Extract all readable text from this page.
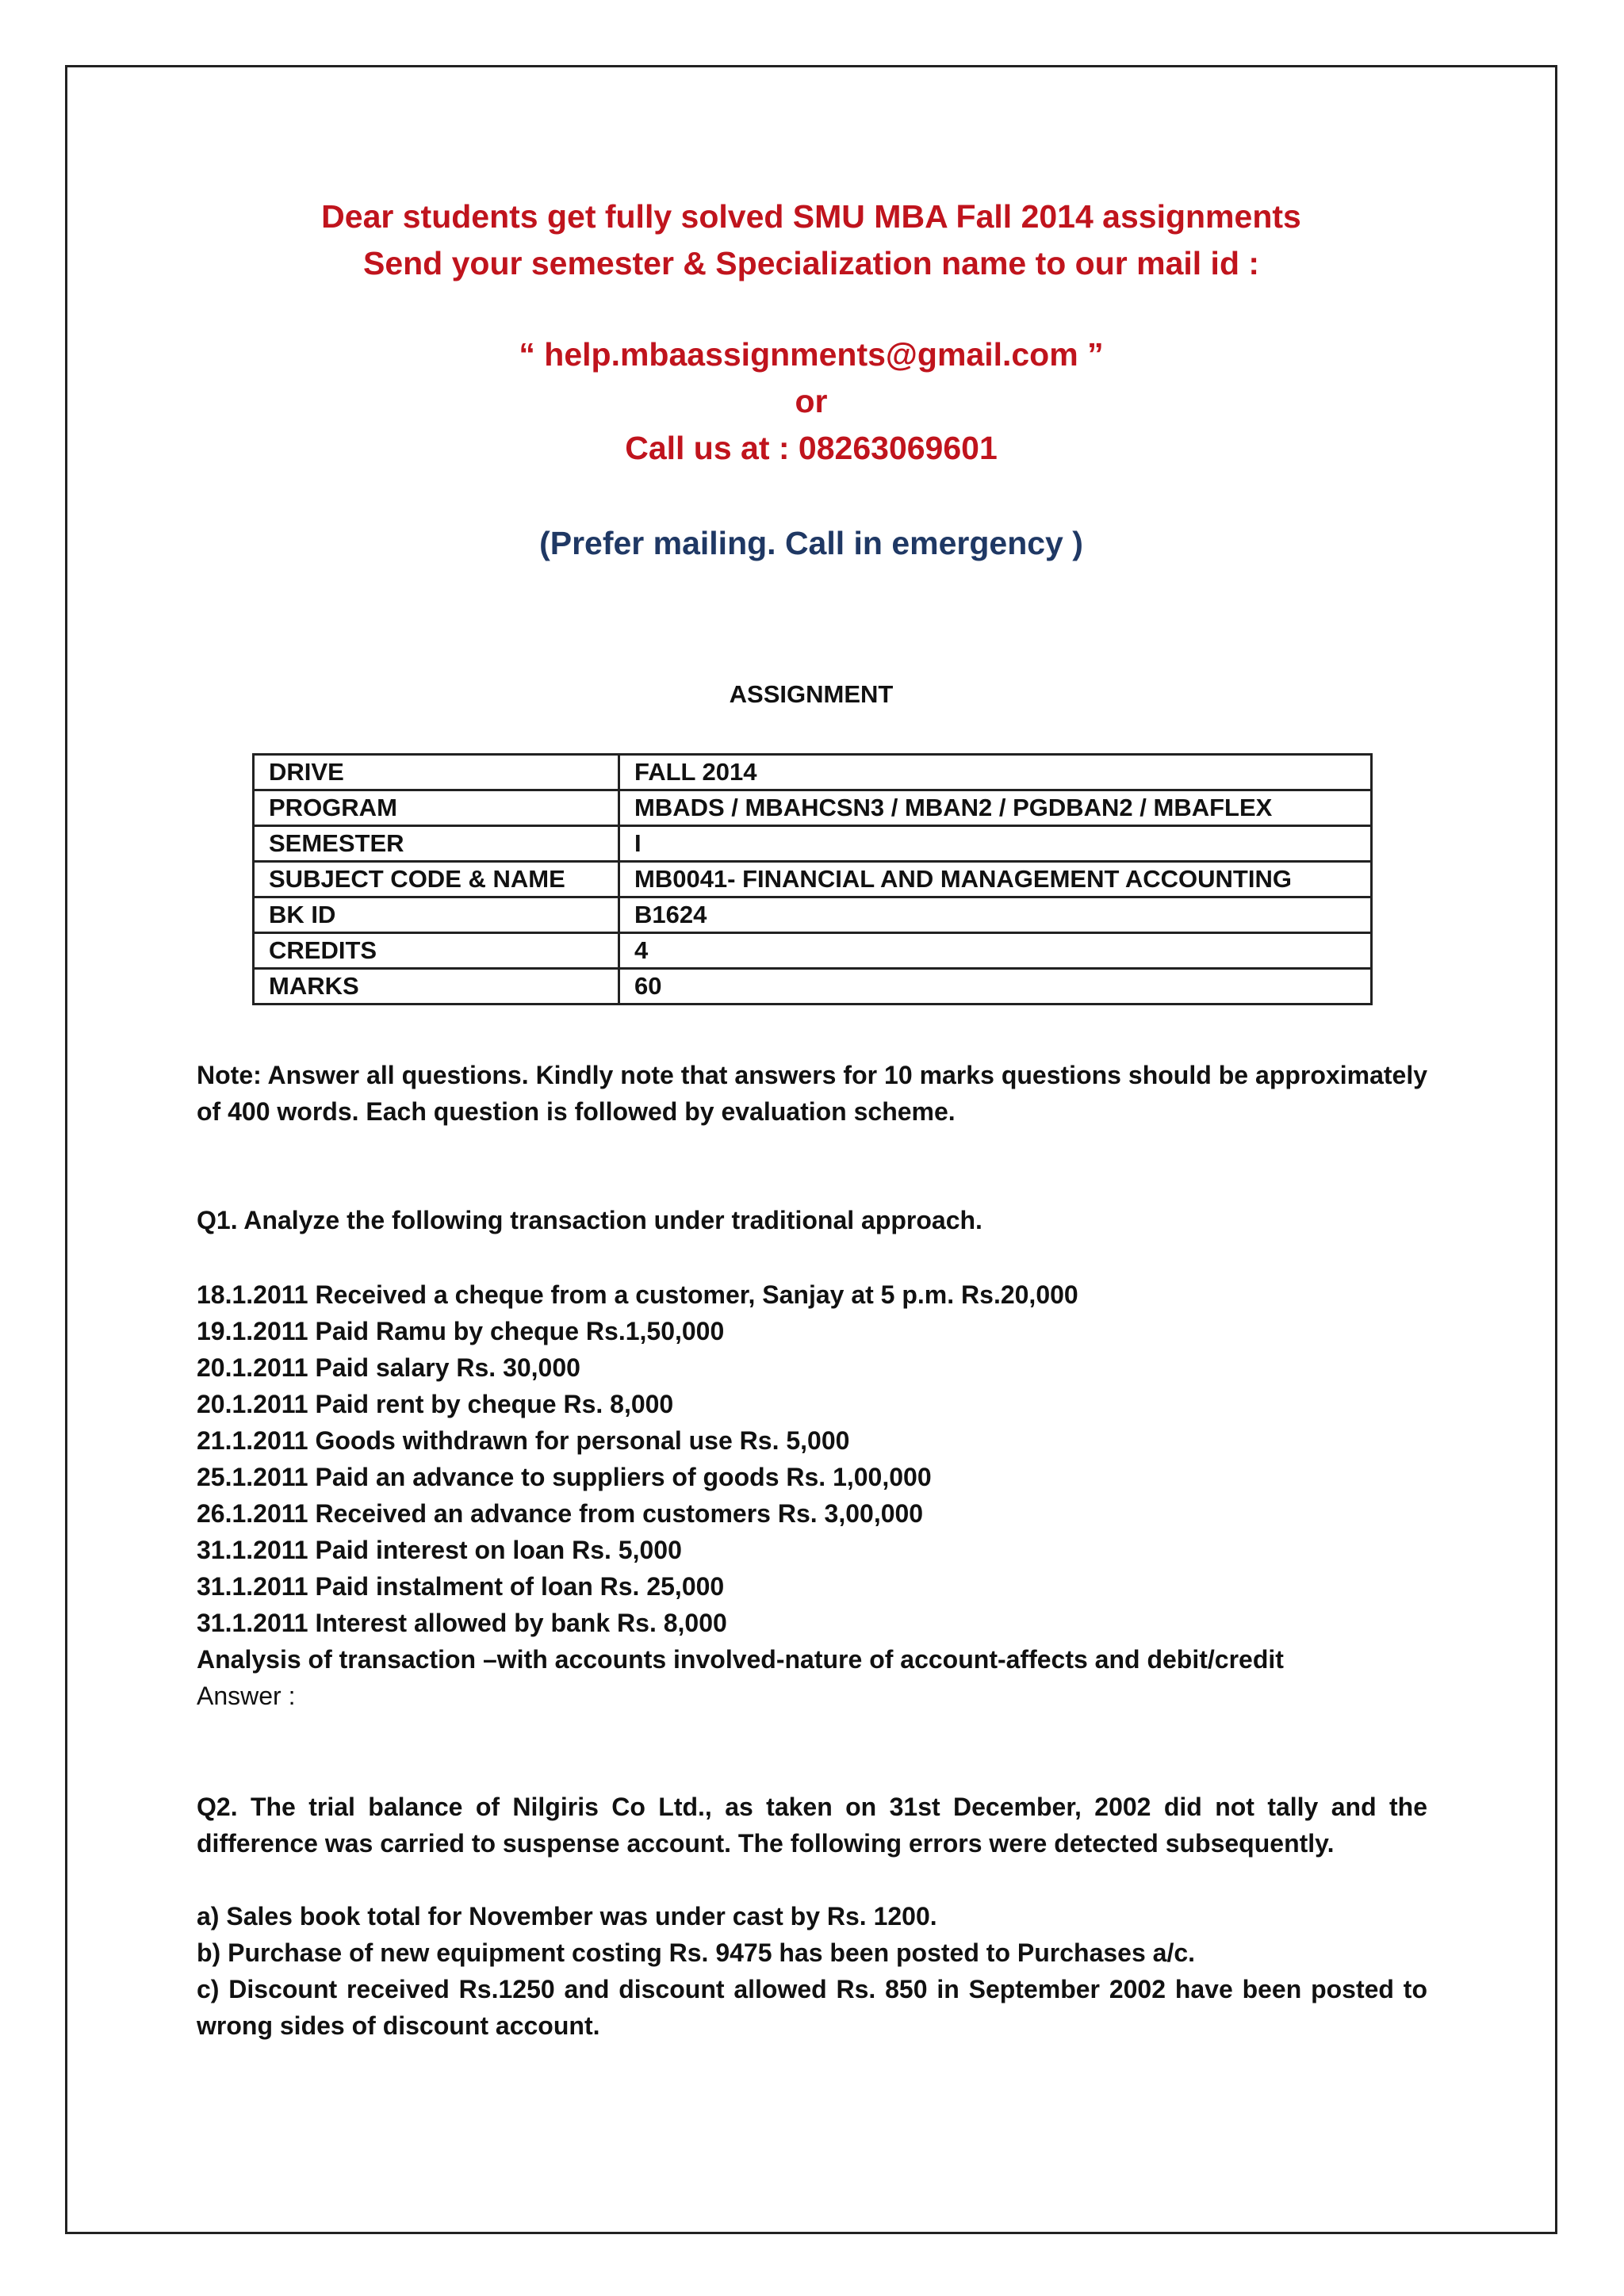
Dear students get fully solved SMU MBA Fall 2014 assignments
Send your semester & Specialization name to our mail id :
“ help.mbaassignments@gmail.com ”
or
Call us at : 08263069601
(Prefer mailing. Call in emergency )
ASSIGNMENT
DRIVE	FALL 2014
PROGRAM	MBADS / MBAHCSN3 / MBAN2 / PGDBAN2 / MBAFLEX
SEMESTER	I
SUBJECT CODE & NAME	MB0041- FINANCIAL AND MANAGEMENT ACCOUNTING
BK ID	B1624
CREDITS	4
MARKS	60
Note: Answer all questions. Kindly note that answers for 10 marks questions should be approximately of 400 words. Each question is followed by evaluation scheme.
Q1. Analyze the following transaction under traditional approach.
18.1.2011 Received a cheque from a customer, Sanjay at 5 p.m. Rs.20,000
19.1.2011 Paid Ramu by cheque Rs.1,50,000
20.1.2011 Paid salary Rs. 30,000
20.1.2011 Paid rent by cheque Rs. 8,000
21.1.2011 Goods withdrawn for personal use Rs. 5,000
25.1.2011 Paid an advance to suppliers of goods Rs. 1,00,000
26.1.2011 Received an advance from customers Rs. 3,00,000
31.1.2011 Paid interest on loan Rs. 5,000
31.1.2011 Paid instalment of loan Rs. 25,000
31.1.2011 Interest allowed by bank Rs. 8,000
Analysis of transaction –with accounts involved-nature of account-affects and debit/credit
Answer :
Q2. The trial balance of Nilgiris Co Ltd., as taken on 31st December, 2002 did not tally and the difference was carried to suspense account. The following errors were detected subsequently.
a) Sales book total for November was under cast by Rs. 1200.
b) Purchase of new equipment costing Rs. 9475 has been posted to Purchases a/c.
c) Discount received Rs.1250 and discount allowed Rs. 850 in September 2002 have been posted to wrong sides of discount account.
